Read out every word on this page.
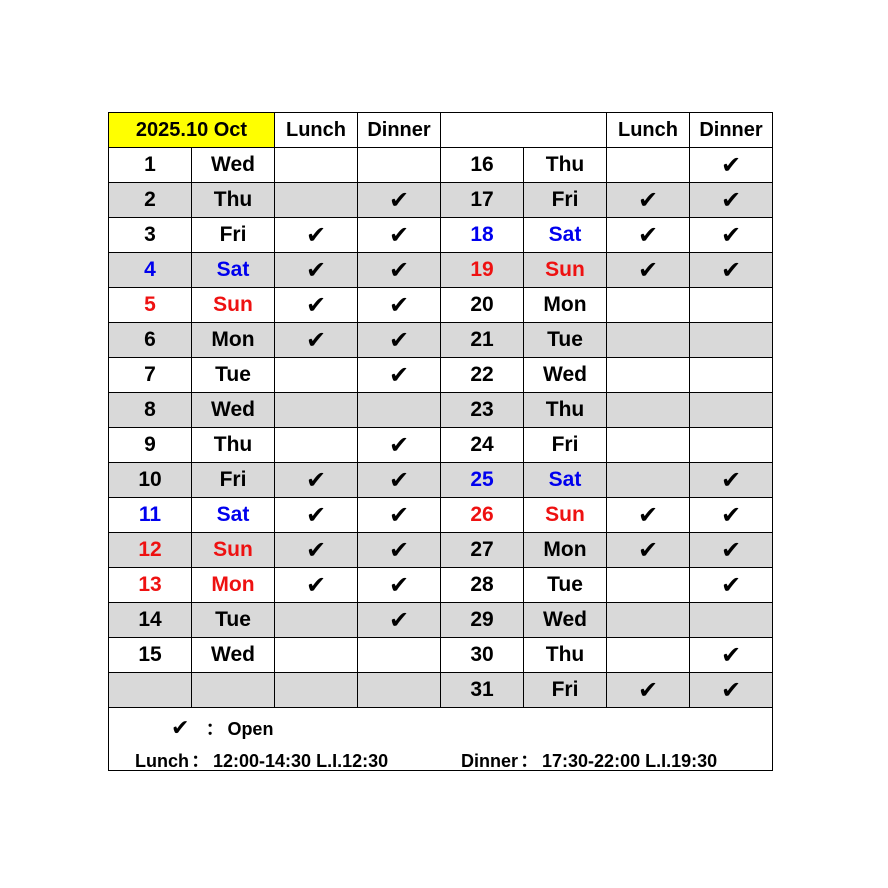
2025.10 Oct		Lunch	Dinner			Lunch	Dinner
1	Wed			16	Thu		✔
2	Thu		✔	17	Fri	✔	✔
3	Fri	✔	✔	18	Sat	✔	✔
4	Sat	✔	✔	19	Sun	✔	✔
5	Sun	✔	✔	20	Mon		
6	Mon	✔	✔	21	Tue		
7	Tue		✔	22	Wed		
8	Wed			23	Thu		
9	Thu		✔	24	Fri		
10	Fri	✔	✔	25	Sat		✔
11	Sat	✔	✔	26	Sun	✔	✔
12	Sun	✔	✔	27	Mon	✔	✔
13	Mon	✔	✔	28	Tue		✔
14	Tue		✔	29	Wed		
15	Wed			30	Thu		✔
				31	Fri	✔	✔

✔ ： Open
Lunch ： 12:00-14:30 L.I.12:30 Dinner ： 17:30-22:00 L.I.19:30							
